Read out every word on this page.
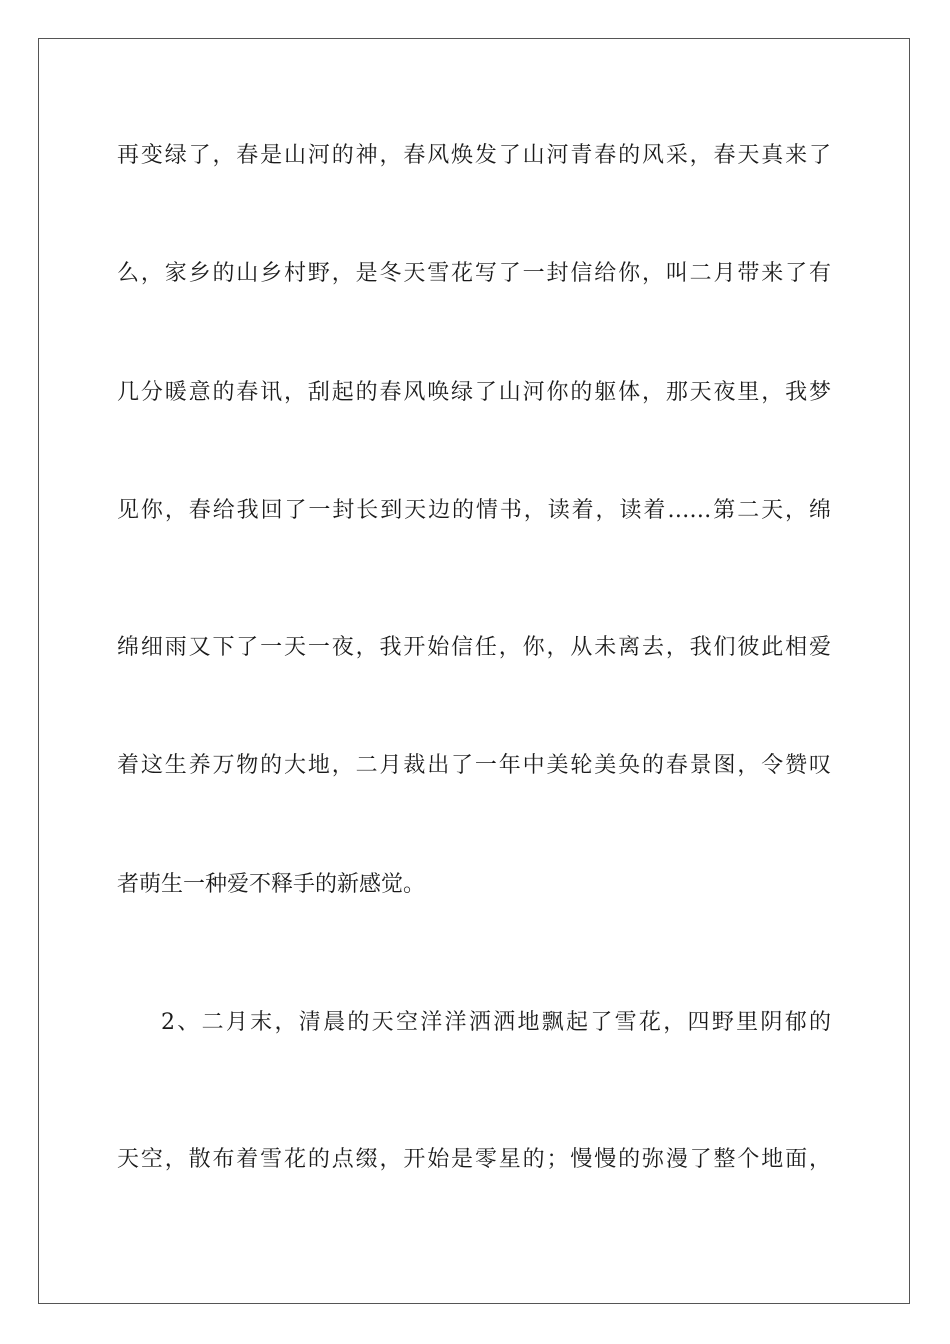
再变绿了，春是山河的神，春风焕发了山河青春的风采，春天真来了
么，家乡的山乡村野，是冬天雪花写了一封信给你，叫二月带来了有
几分暖意的春讯，刮起的春风唤绿了山河你的躯体，那天夜里，我梦
见你，春给我回了一封长到天边的情书，读着，读着……第二天，绵
绵细雨又下了一天一夜，我开始信任，你，从未离去，我们彼此相爱
着这生养万物的大地，二月裁出了一年中美轮美奂的春景图，令赞叹
者萌生一种爱不释手的新感觉。
2、二月末，清晨的天空洋洋洒洒地飘起了雪花，四野里阴郁的
天空，散布着雪花的点缀，开始是零星的；慢慢的弥漫了整个地面，
